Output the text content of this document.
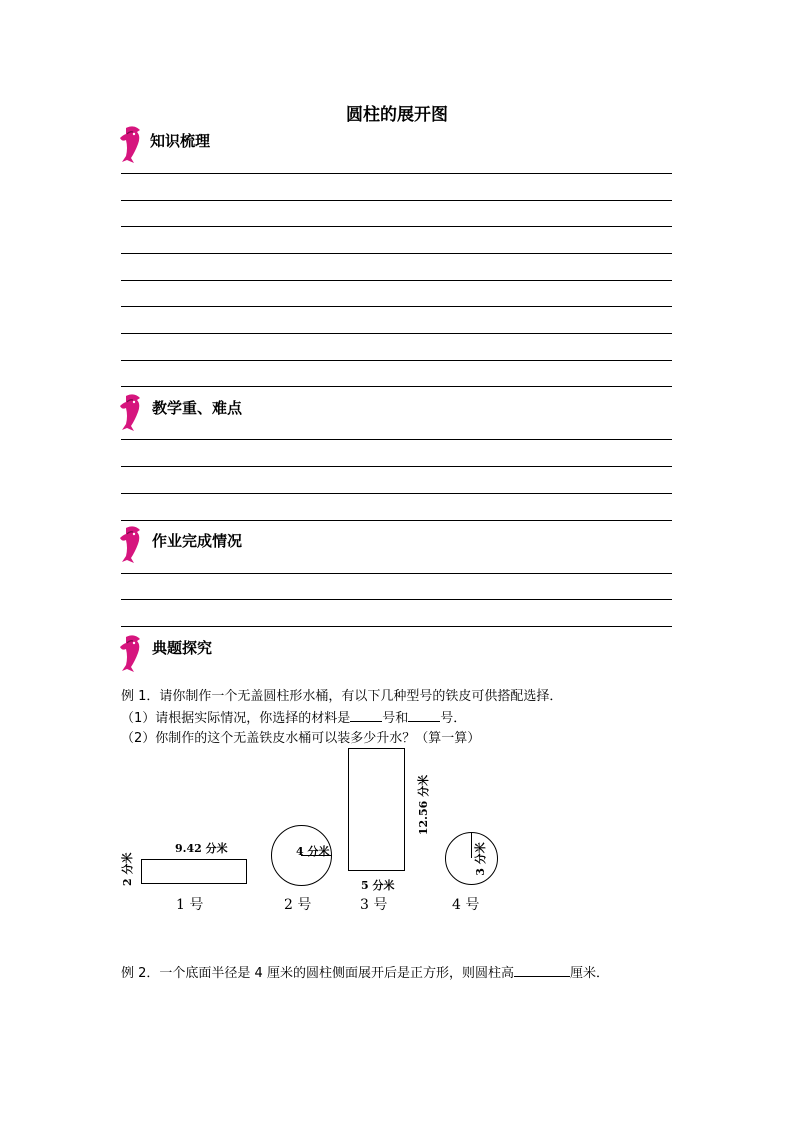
圆柱的展开图
知识梳理
教学重、难点
作业完成情况
典题探究
例 1．请你制作一个无盖圆柱形水桶，有以下几种型号的铁皮可供搭配选择．
（1）请根据实际情况，你选择的材料是 号和 号．
（2）你制作的这个无盖铁皮水桶可以装多少升水？（算一算）
9.42 分米
2 分米
1 号
4 分米
2 号
5 分米
12.56 分米
3 号
3 分米
4 号
例 2．一个底面半径是 4 厘米的圆柱侧面展开后是正方形，则圆柱高	厘米．
